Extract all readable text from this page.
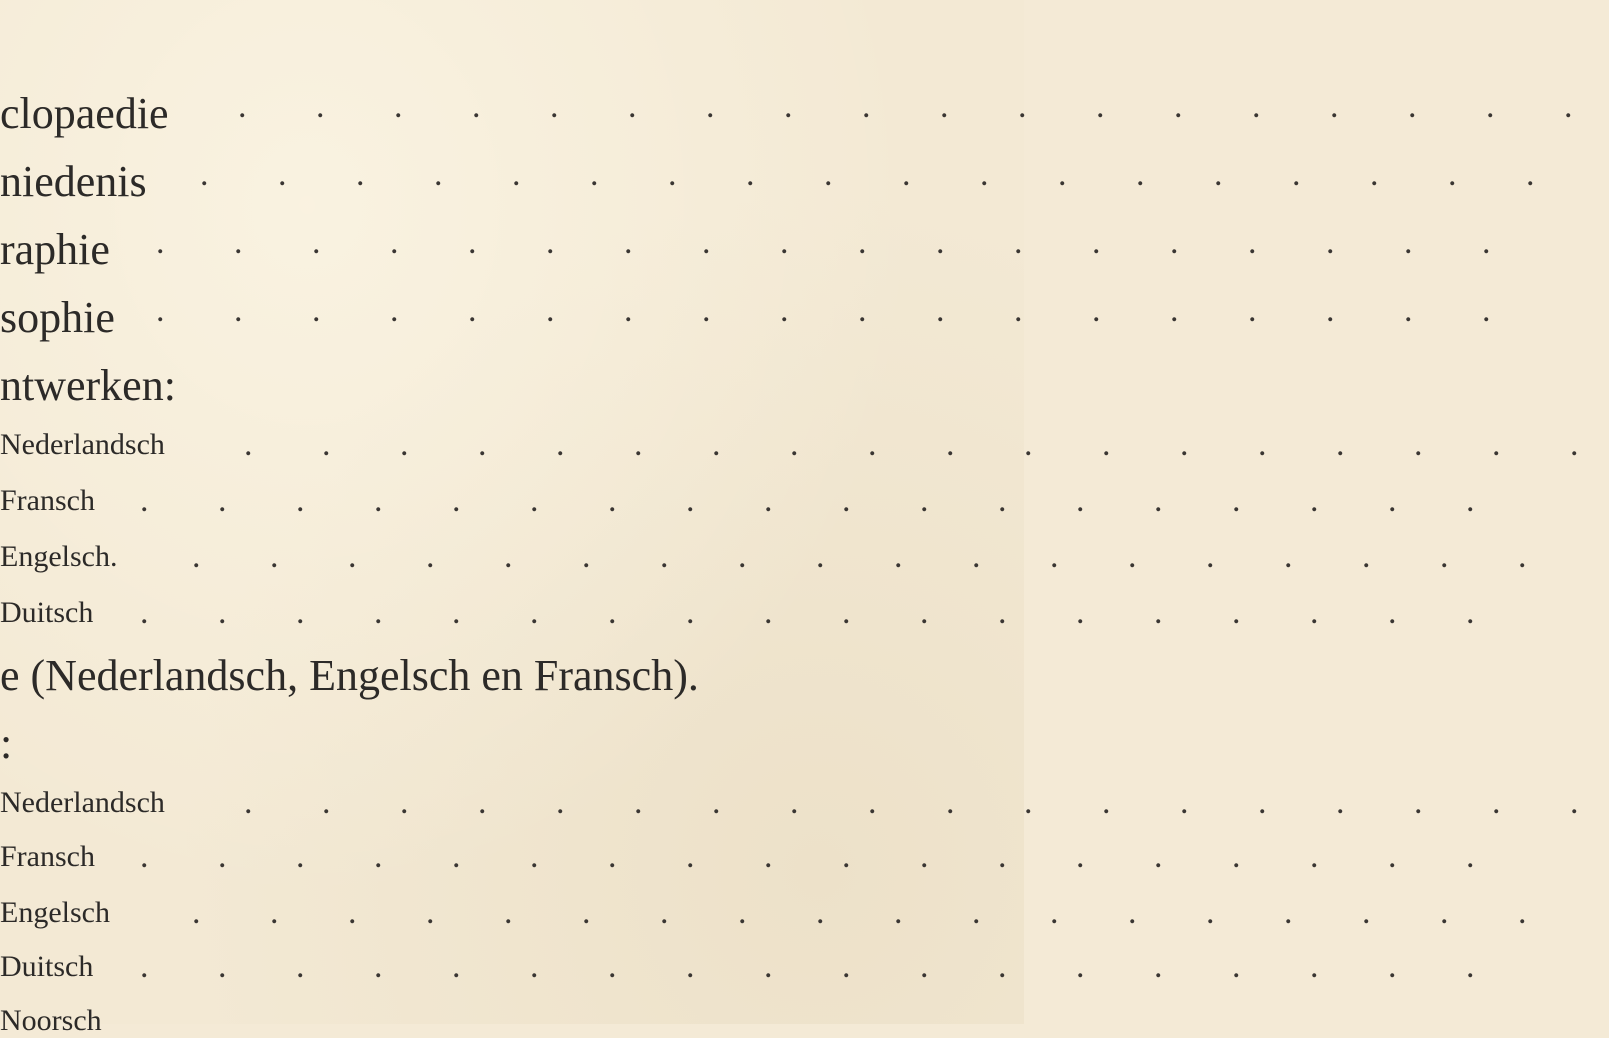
clopaedie . . . . . . . . . . . . . . . . . .
niedenis . . . . . . . . . . . . . . . . . .
raphie . . . . . . . . . . . . . . . . . .
sophie . . . . . . . . . . . . . . . . . .
ntwerken:
Nederlandsch . . . . . . . . . . . . . . . . . .
Fransch . . . . . . . . . . . . . . . . . .
Engelsch. . . . . . . . . . . . . . . . . . .
Duitsch . . . . . . . . . . . . . . . . . .
e (Nederlandsch, Engelsch en Fransch).
:
Nederlandsch . . . . . . . . . . . . . . . . . .
Fransch . . . . . . . . . . . . . . . . . .
Engelsch . . . . . . . . . . . . . . . . . .
Duitsch . . . . . . . . . . . . . . . . . .
Noorsch
